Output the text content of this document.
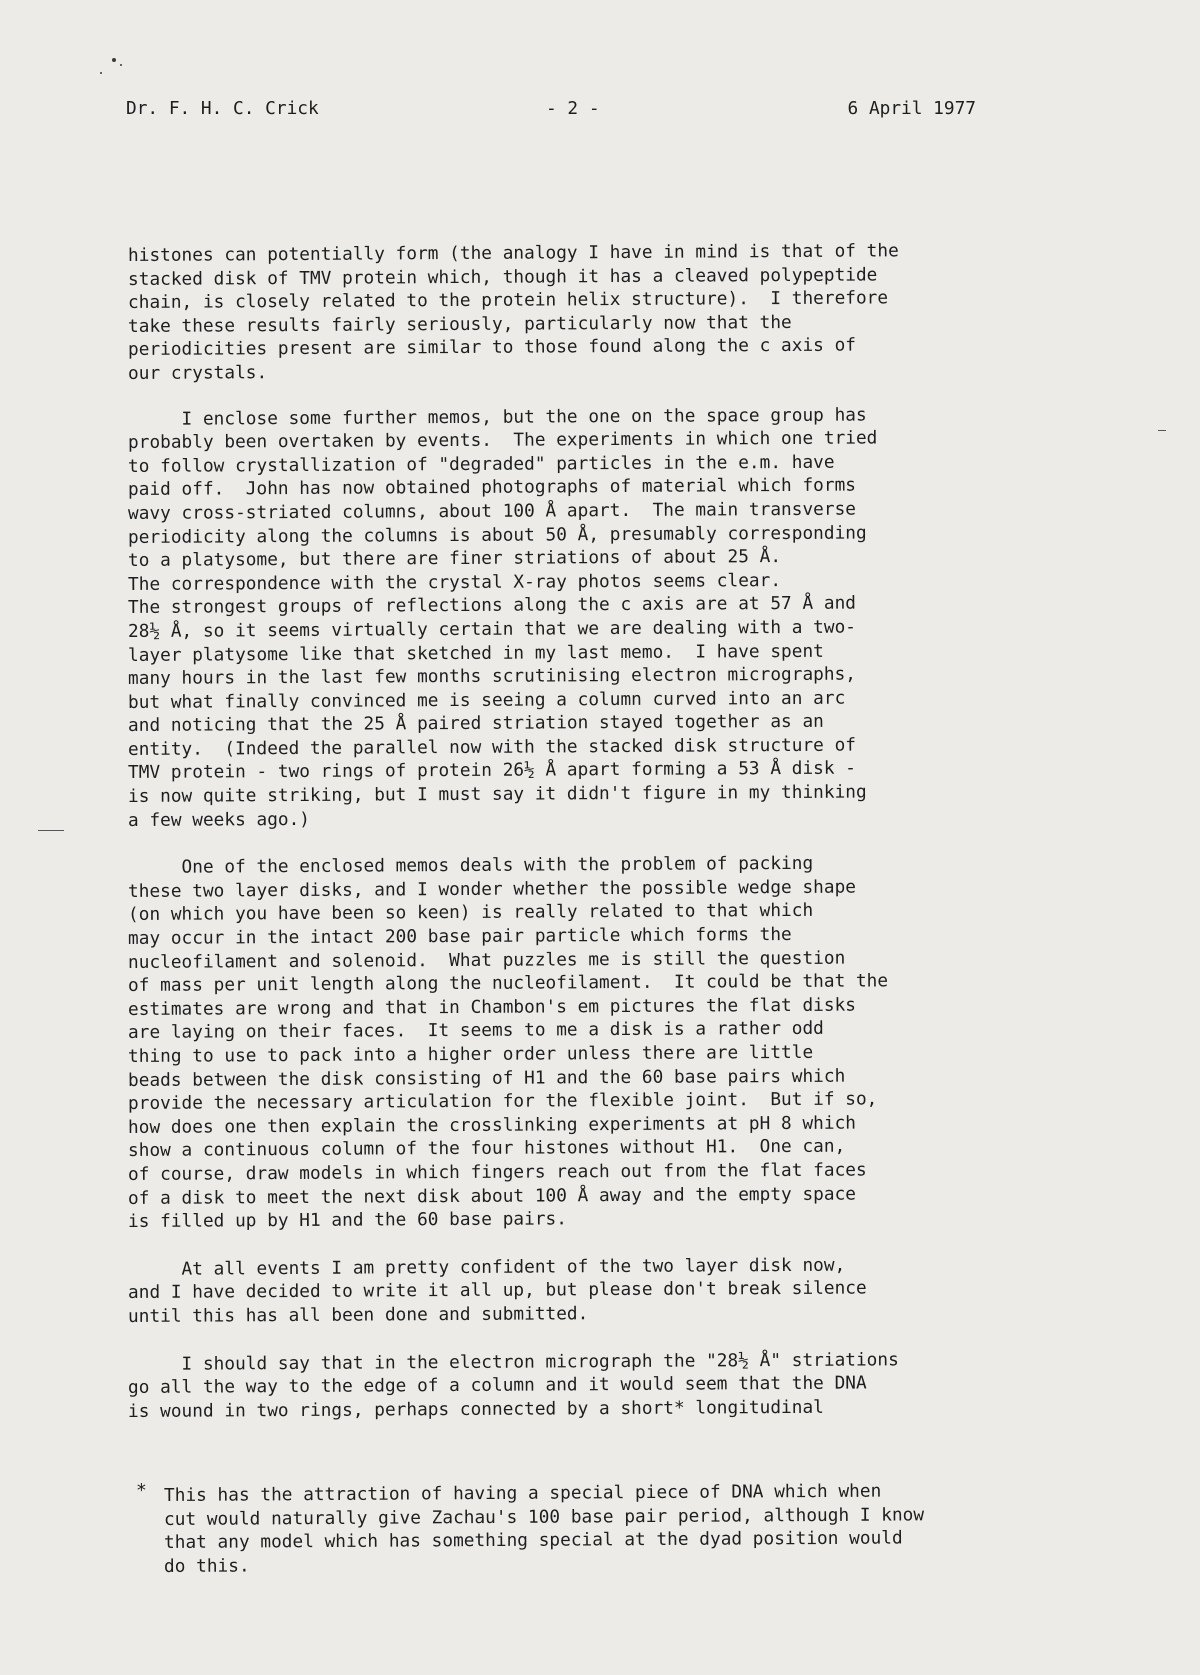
Dr. F. H. C. Crick	- 2 -	6 April 1977

histones can potentially form (the analogy I have in mind is that of the

stacked disk of TMV protein which, though it has a cleaved polypeptide

chain, is closely related to the protein helix structure).  I therefore

take these results fairly seriously, particularly now that the

periodicities present are similar to those found along the c axis of

our crystals.

I enclose some further memos, but the one on the space group has

probably been overtaken by events.  The experiments in which one tried

to follow crystallization of "degraded" particles in the e.m. have

paid off.  John has now obtained photographs of material which forms

wavy cross-striated columns, about 100 Å apart.  The main transverse

periodicity along the columns is about 50 Å, presumably corresponding

to a platysome, but there are finer striations of about 25 Å.

The correspondence with the crystal X-ray photos seems clear.

The strongest groups of reflections along the c axis are at 57 Å and

28½ Å, so it seems virtually certain that we are dealing with a two-

layer platysome like that sketched in my last memo.  I have spent

many hours in the last few months scrutinising electron micrographs,

but what finally convinced me is seeing a column curved into an arc

and noticing that the 25 Å paired striation stayed together as an

entity.  (Indeed the parallel now with the stacked disk structure of

TMV protein - two rings of protein 26½ Å apart forming a 53 Å disk -

is now quite striking, but I must say it didn't figure in my thinking

a few weeks ago.)

One of the enclosed memos deals with the problem of packing

these two layer disks, and I wonder whether the possible wedge shape

(on which you have been so keen) is really related to that which

may occur in the intact 200 base pair particle which forms the

nucleofilament and solenoid.  What puzzles me is still the question

of mass per unit length along the nucleofilament.  It could be that the

estimates are wrong and that in Chambon's em pictures the flat disks

are laying on their faces.  It seems to me a disk is a rather odd

thing to use to pack into a higher order unless there are little

beads between the disk consisting of H1 and the 60 base pairs which

provide the necessary articulation for the flexible joint.  But if so,

how does one then explain the crosslinking experiments at pH 8 which

show a continuous column of the four histones without H1.  One can,

of course, draw models in which fingers reach out from the flat faces

of a disk to meet the next disk about 100 Å away and the empty space

is filled up by H1 and the 60 base pairs.

At all events I am pretty confident of the two layer disk now,

and I have decided to write it all up, but please don't break silence

until this has all been done and submitted.

I should say that in the electron micrograph the "28½ Å" striations

go all the way to the edge of a column and it would seem that the DNA

is wound in two rings, perhaps connected by a short* longitudinal

* This has the attraction of having a special piece of DNA which when

cut would naturally give Zachau's 100 base pair period, although I know

that any model which has something special at the dyad position would

do this.
